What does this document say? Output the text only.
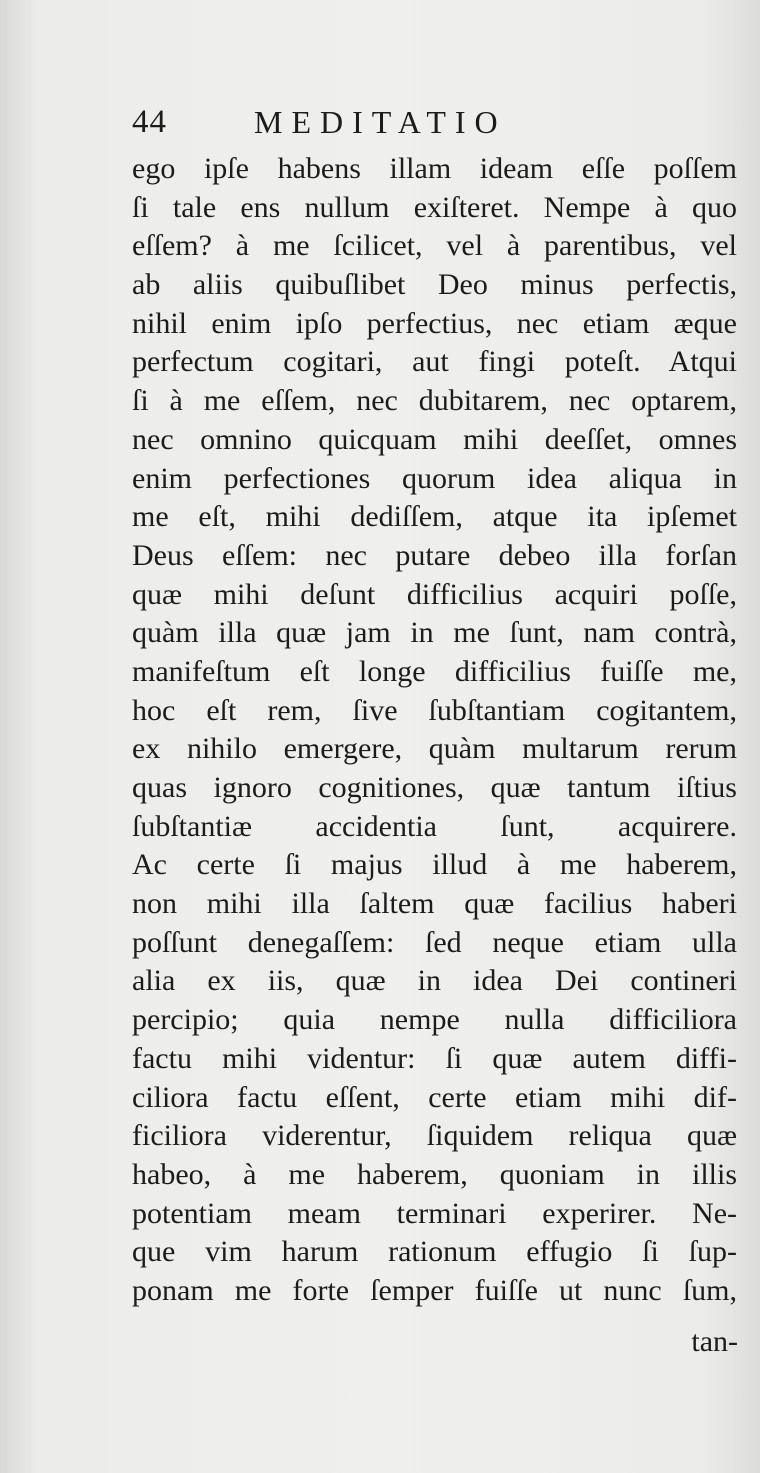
44	MEDITATIO
ego ipſe habens illam ideam eſſe poſſem
ſi tale ens nullum exiſteret. Nempe à quo
eſſem? à me ſcilicet, vel à parentibus, vel
ab aliis quibuſlibet Deo minus perfectis,
nihil enim ipſo perfectius, nec etiam æque
perfectum cogitari, aut fingi poteſt. Atqui
ſi à me eſſem, nec dubitarem, nec optarem,
nec omnino quicquam mihi deeſſet, omnes
enim perfectiones quorum idea aliqua in
me eſt, mihi dediſſem, atque ita ipſemet
Deus eſſem: nec putare debeo illa forſan
quæ mihi deſunt difficilius acquiri poſſe,
quàm illa quæ jam in me ſunt, nam contrà,
manifeſtum eſt longe difficilius fuiſſe me,
hoc eſt rem, ſive ſubſtantiam cogitantem,
ex nihilo emergere, quàm multarum rerum
quas ignoro cognitiones, quæ tantum iſtius
ſubſtantiæ accidentia ſunt, acquirere.
Ac certe ſi majus illud à me haberem,
non mihi illa ſaltem quæ facilius haberi
poſſunt denegaſſem: ſed neque etiam ulla
alia ex iis, quæ in idea Dei contineri
percipio; quia nempe nulla difficiliora
factu mihi videntur: ſi quæ autem diffi-
ciliora factu eſſent, certe etiam mihi dif-
ficiliora viderentur, ſiquidem reliqua quæ
habeo, à me haberem, quoniam in illis
potentiam meam terminari experirer. Ne-
que vim harum rationum effugio ſi ſup-
ponam me forte ſemper fuiſſe ut nunc ſum,
tan-
